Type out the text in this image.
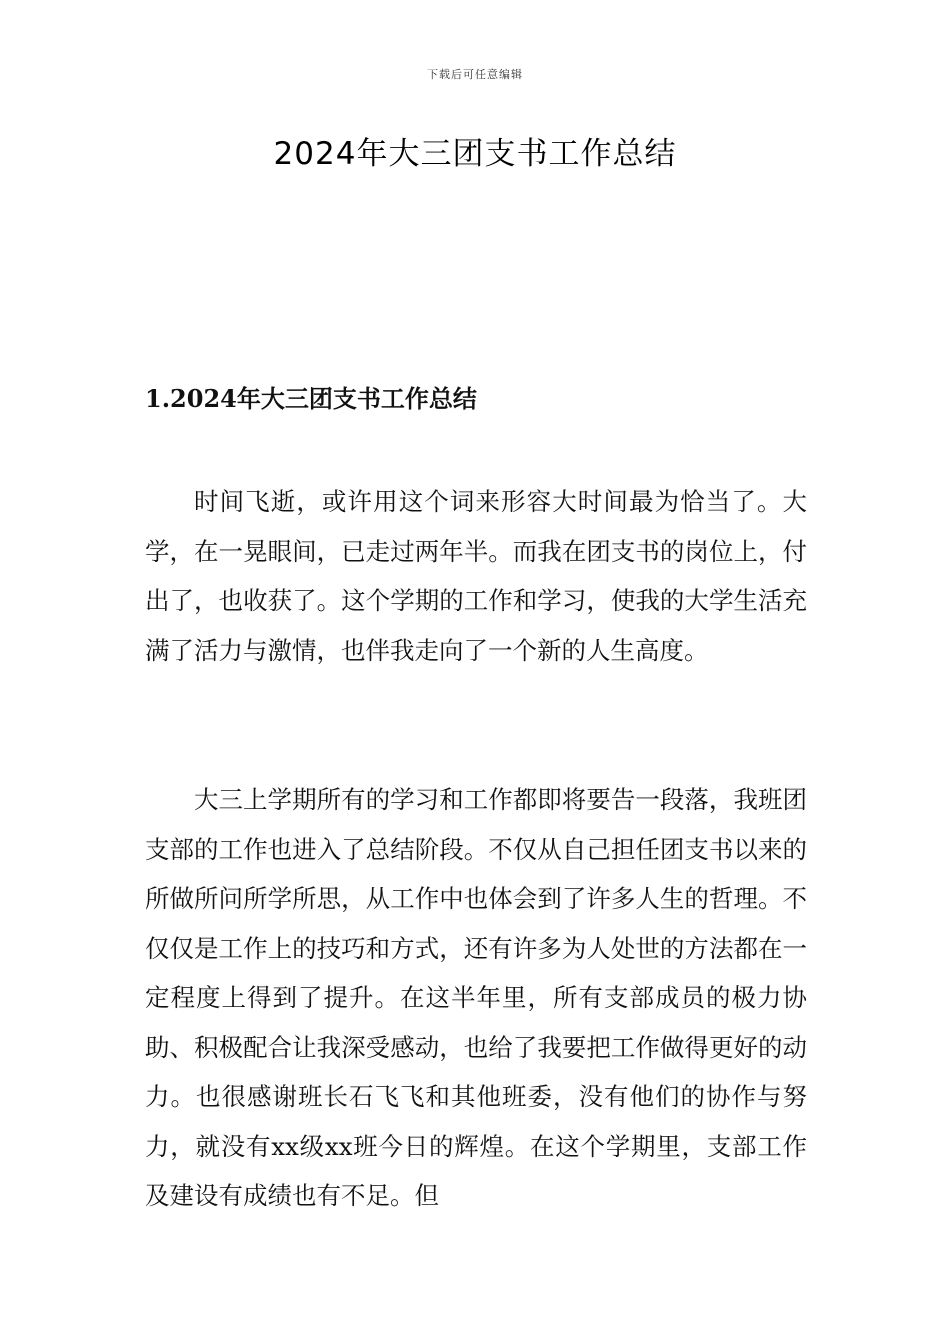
下载后可任意编辑
2024年大三团支书工作总结
1.2024年大三团支书工作总结

时间飞逝，或许用这个词来形容大时间最为恰当了。大学，在一晃眼间，已走过两年半。而我在团支书的岗位上，付出了，也收获了。这个学期的工作和学习，使我的大学生活充满了活力与激情，也伴我走向了一个新的人生高度。

大三上学期所有的学习和工作都即将要告一段落，我班团支部的工作也进入了总结阶段。不仅从自己担任团支书以来的所做所问所学所思，从工作中也体会到了许多人生的哲理。不仅仅是工作上的技巧和方式，还有许多为人处世的方法都在一定程度上得到了提升。在这半年里，所有支部成员的极力协助、积极配合让我深受感动，也给了我要把工作做得更好的动力。也很感谢班长石飞飞和其他班委，没有他们的协作与努力，就没有xx级xx班今日的辉煌。在这个学期里，支部工作及建设有成绩也有不足。但
